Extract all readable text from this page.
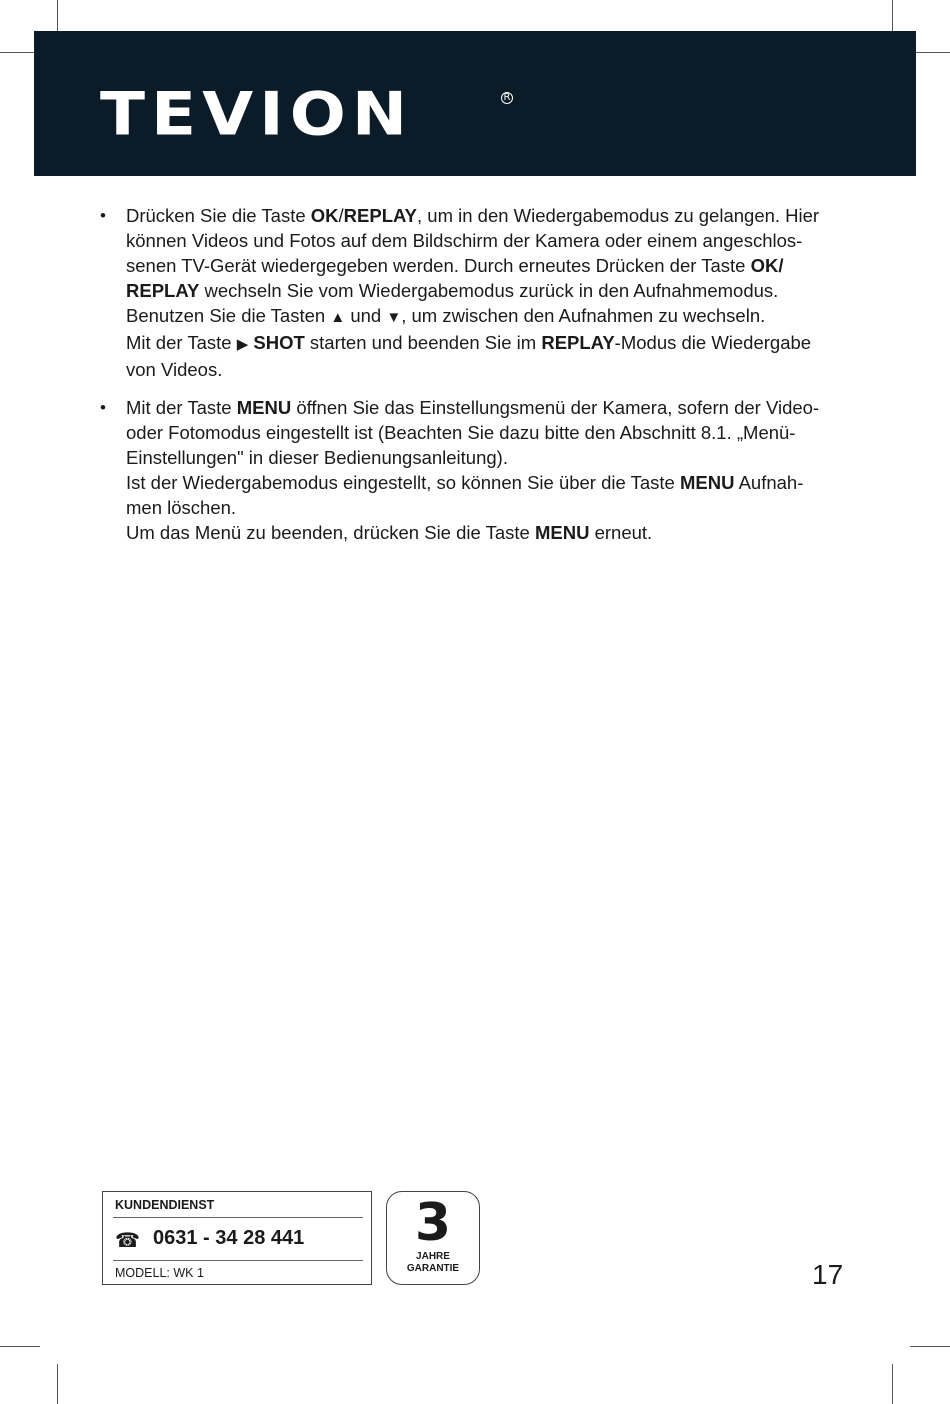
TEVION	R
• Drücken Sie die Taste OK/REPLAY, um in den Wiedergabemodus zu gelangen. Hier
können Videos und Fotos auf dem Bildschirm der Kamera oder einem angeschlos-
senen TV-Gerät wiedergegeben werden. Durch erneutes Drücken der Taste OK/
REPLAY wechseln Sie vom Wiedergabemodus zurück in den Aufnahmemodus.
Benutzen Sie die Tasten ▲ und ▼, um zwischen den Aufnahmen zu wechseln.
Mit der Taste ▶ SHOT starten und beenden Sie im REPLAY-Modus die Wiedergabe
von Videos.
• Mit der Taste MENU öffnen Sie das Einstellungsmenü der Kamera, sofern der Video-
oder Fotomodus eingestellt ist (Beachten Sie dazu bitte den Abschnitt 8.1. „Menü-
Einstellungen" in dieser Bedienungsanleitung).
Ist der Wiedergabemodus eingestellt, so können Sie über die Taste MENU Aufnah-
men löschen.
Um das Menü zu beenden, drücken Sie die Taste MENU erneut.
KUNDENDIENST
☎ 0631 - 34 28 441
MODELL: WK 1
3
JAHRE
GARANTIE	17
